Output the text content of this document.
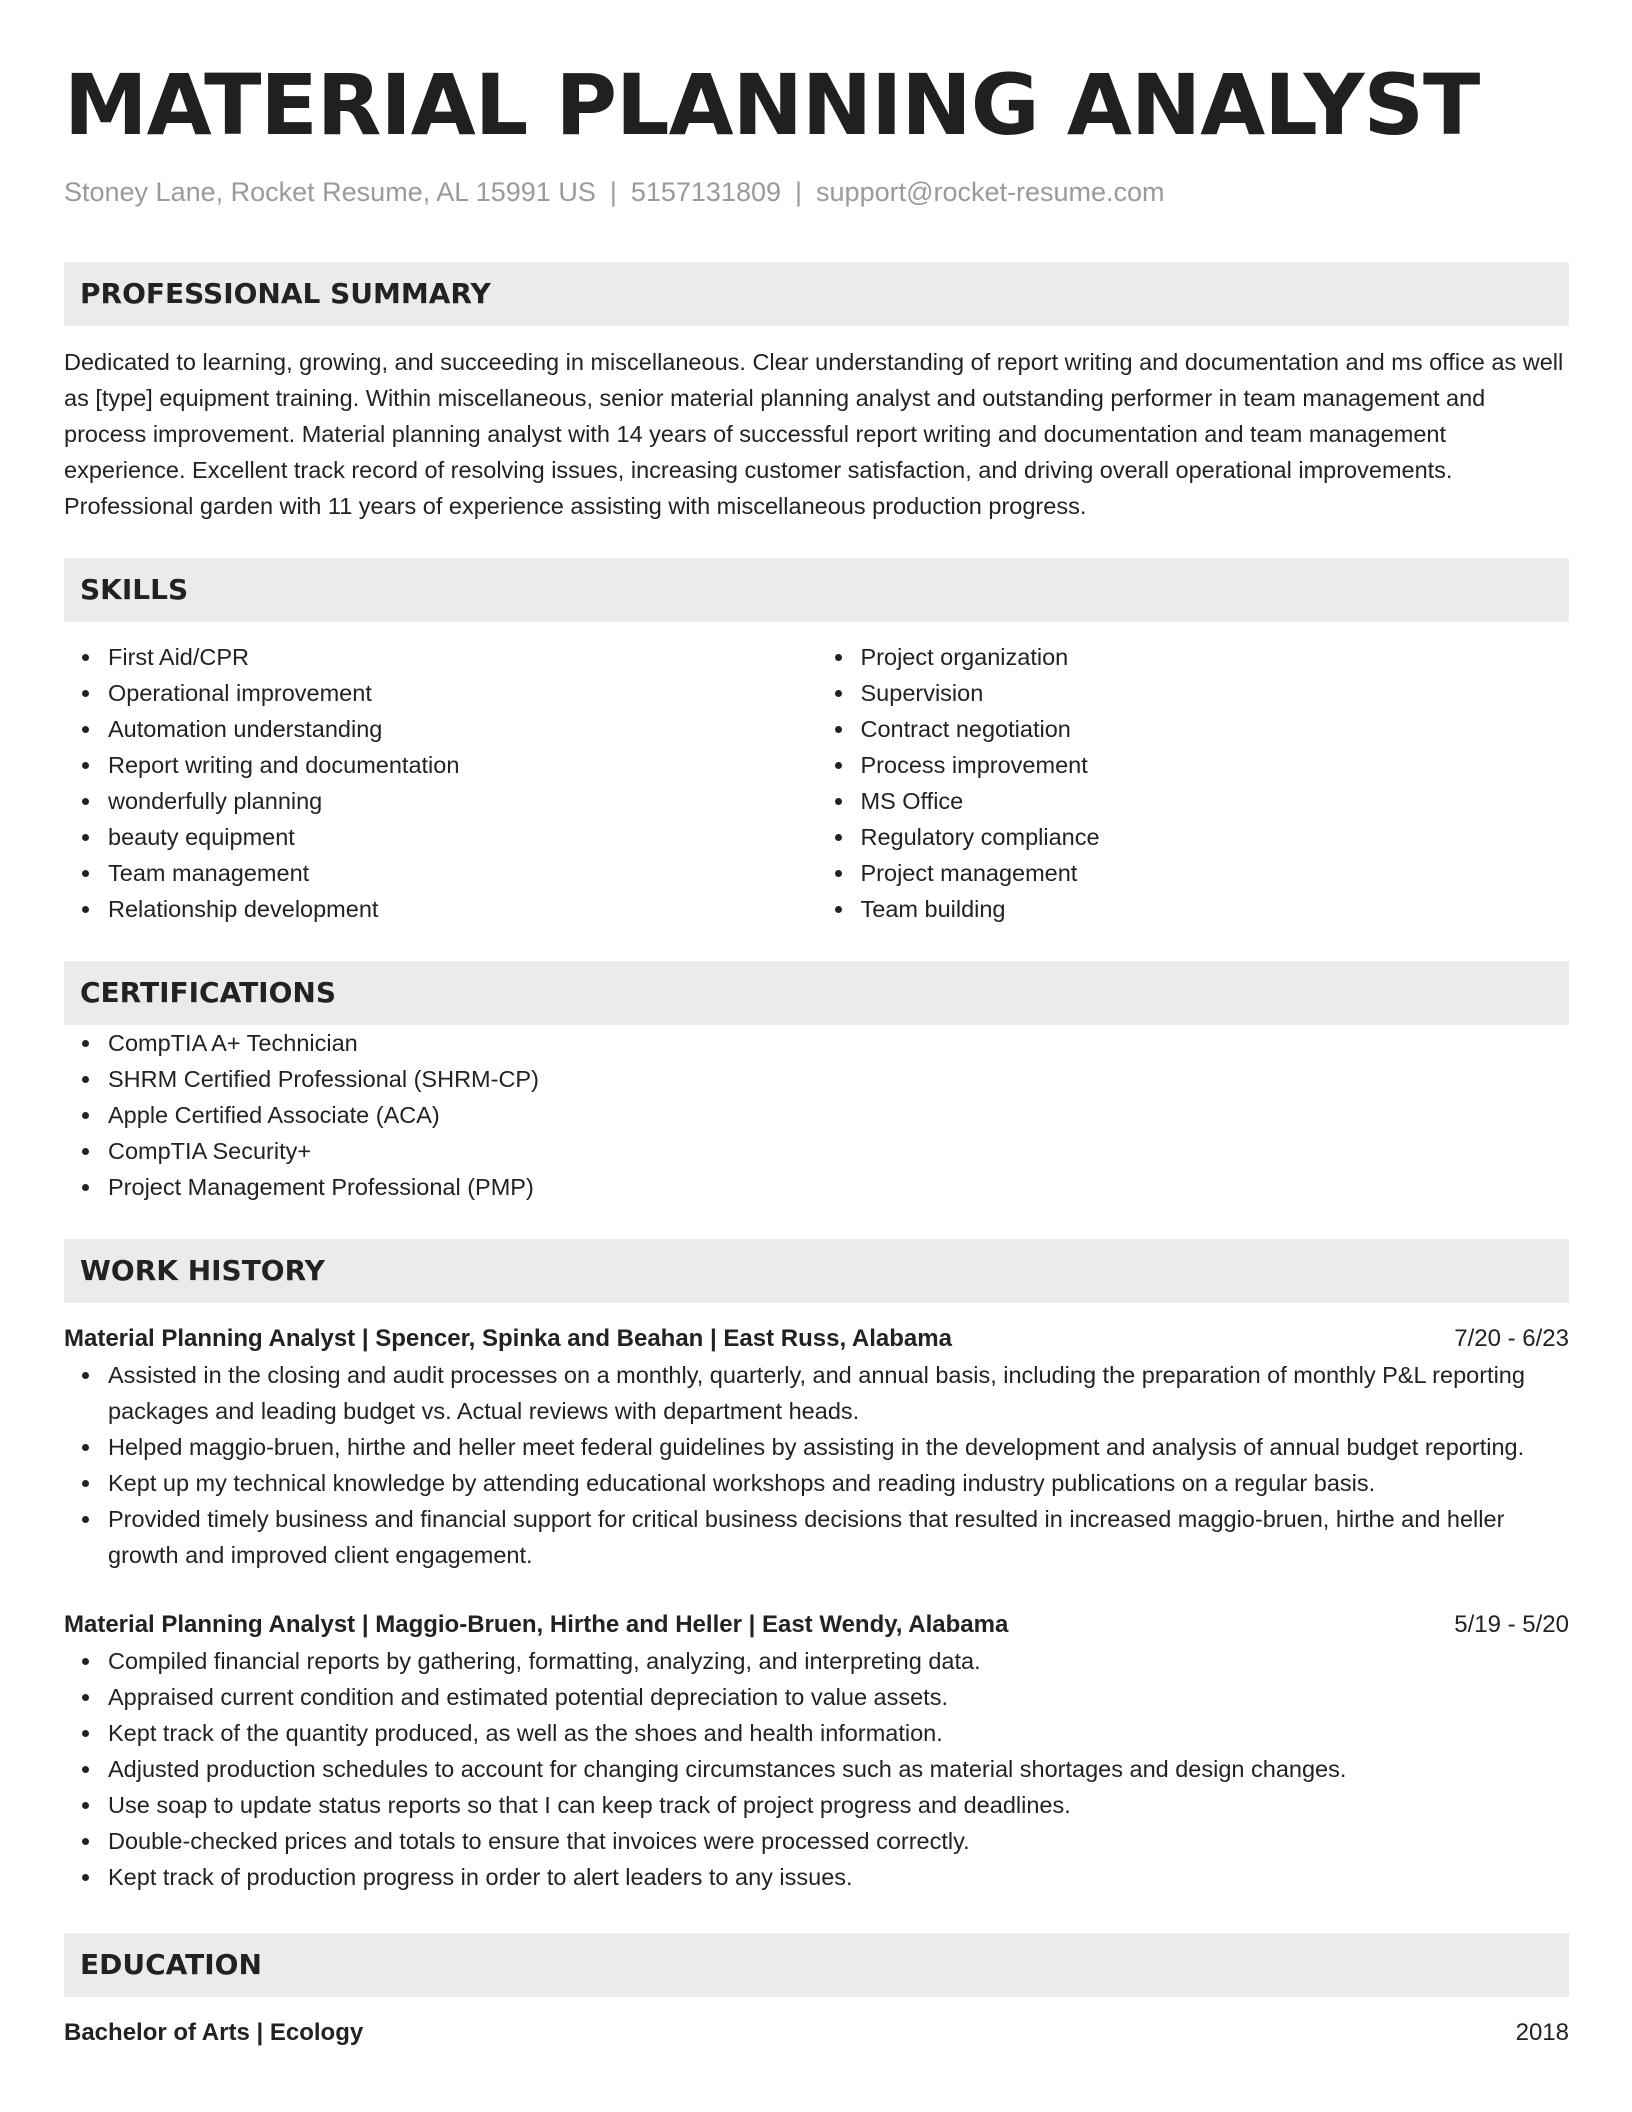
MATERIAL PLANNING ANALYST
Stoney Lane, Rocket Resume, AL 15991 US | 5157131809 | support@rocket-resume.com
PROFESSIONAL SUMMARY
Dedicated to learning, growing, and succeeding in miscellaneous. Clear understanding of report writing and documentation and ms office as well as [type] equipment training. Within miscellaneous, senior material planning analyst and outstanding performer in team management and process improvement. Material planning analyst with 14 years of successful report writing and documentation and team management experience. Excellent track record of resolving issues, increasing customer satisfaction, and driving overall operational improvements. Professional garden with 11 years of experience assisting with miscellaneous production progress.
SKILLS
First Aid/CPR
Operational improvement
Automation understanding
Report writing and documentation
wonderfully planning
beauty equipment
Team management
Relationship development
Project organization
Supervision
Contract negotiation
Process improvement
MS Office
Regulatory compliance
Project management
Team building
CERTIFICATIONS
CompTIA A+ Technician
SHRM Certified Professional (SHRM-CP)
Apple Certified Associate (ACA)
CompTIA Security+
Project Management Professional (PMP)
WORK HISTORY
Material Planning Analyst | Spencer, Spinka and Beahan | East Russ, Alabama	7/20 - 6/23
Assisted in the closing and audit processes on a monthly, quarterly, and annual basis, including the preparation of monthly P&L reporting packages and leading budget vs. Actual reviews with department heads.
Helped maggio-bruen, hirthe and heller meet federal guidelines by assisting in the development and analysis of annual budget reporting.
Kept up my technical knowledge by attending educational workshops and reading industry publications on a regular basis.
Provided timely business and financial support for critical business decisions that resulted in increased maggio-bruen, hirthe and heller growth and improved client engagement.
Material Planning Analyst | Maggio-Bruen, Hirthe and Heller | East Wendy, Alabama	5/19 - 5/20
Compiled financial reports by gathering, formatting, analyzing, and interpreting data.
Appraised current condition and estimated potential depreciation to value assets.
Kept track of the quantity produced, as well as the shoes and health information.
Adjusted production schedules to account for changing circumstances such as material shortages and design changes.
Use soap to update status reports so that I can keep track of project progress and deadlines.
Double-checked prices and totals to ensure that invoices were processed correctly.
Kept track of production progress in order to alert leaders to any issues.
EDUCATION
Bachelor of Arts | Ecology	2018
